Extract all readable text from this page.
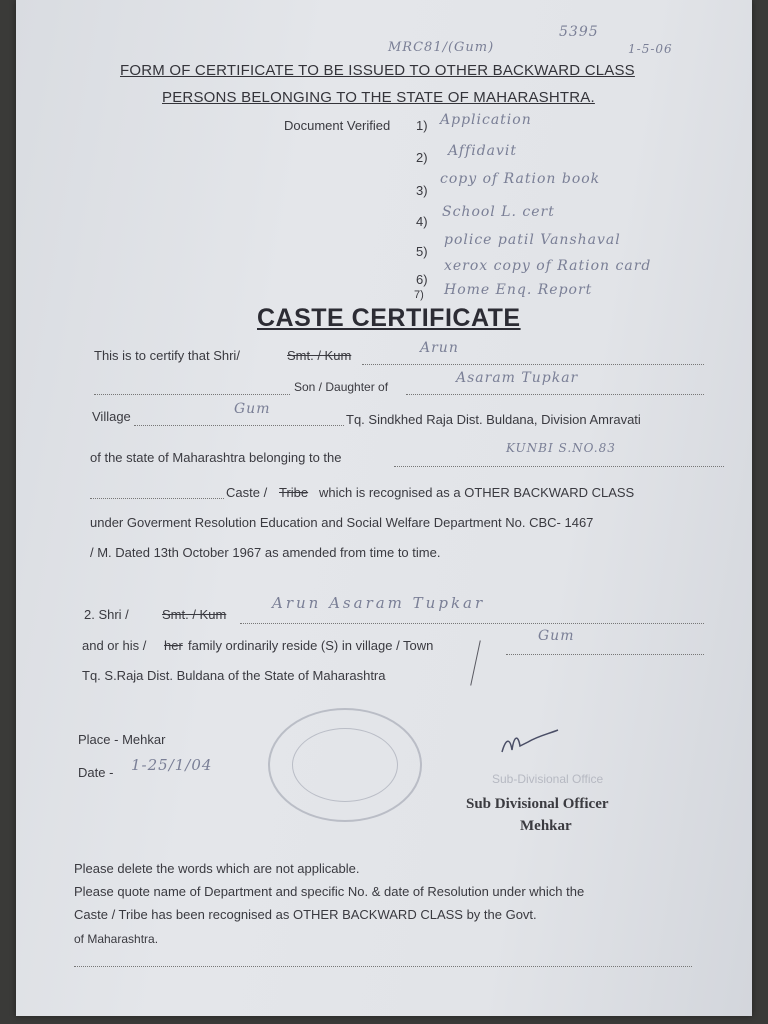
MRC81/(Gum)
5395
1-5-06
FORM OF CERTIFICATE TO BE ISSUED TO OTHER BACKWARD CLASS
PERSONS BELONGING TO THE STATE OF MAHARASHTRA.
Document Verified 1) Application
2) Affidavit
3)
copy of Ration book
4)
School L. cert
5)
police patil Vanshaval
6)
xerox copy of Ration card
7) Home Enq. Report
CASTE CERTIFICATE
This is to certify that Shri/	Smt. / Kum	Arun
Son / Daughter of
Asaram Tupkar
Village	Gum
Tq. Sindkhed Raja Dist. Buldana, Division Amravati
of the state of Maharashtra belonging to the
KUNBI S.NO.83
Caste / Tribe which is recognised as a OTHER BACKWARD CLASS
under Goverment Resolution Education and Social Welfare Department No. CBC- 1467
/ M. Dated 13th October 1967 as amended from time to time.
2. Shri /	Smt. / Kum
Arun Asaram Tupkar
and or his / her family ordinarily reside (S) in village / Town
Gum
Tq. S.Raja Dist. Buldana of the State of Maharashtra
Place - Mehkar
Date - 1-25/1/04
Sub-Divisional Office
Sub Divisional Officer
Mehkar
Please delete the words which are not applicable.
Please quote name of Department and specific No. & date of Resolution under which the
Caste / Tribe has been recognised as OTHER BACKWARD CLASS by the Govt.
of Maharashtra.
